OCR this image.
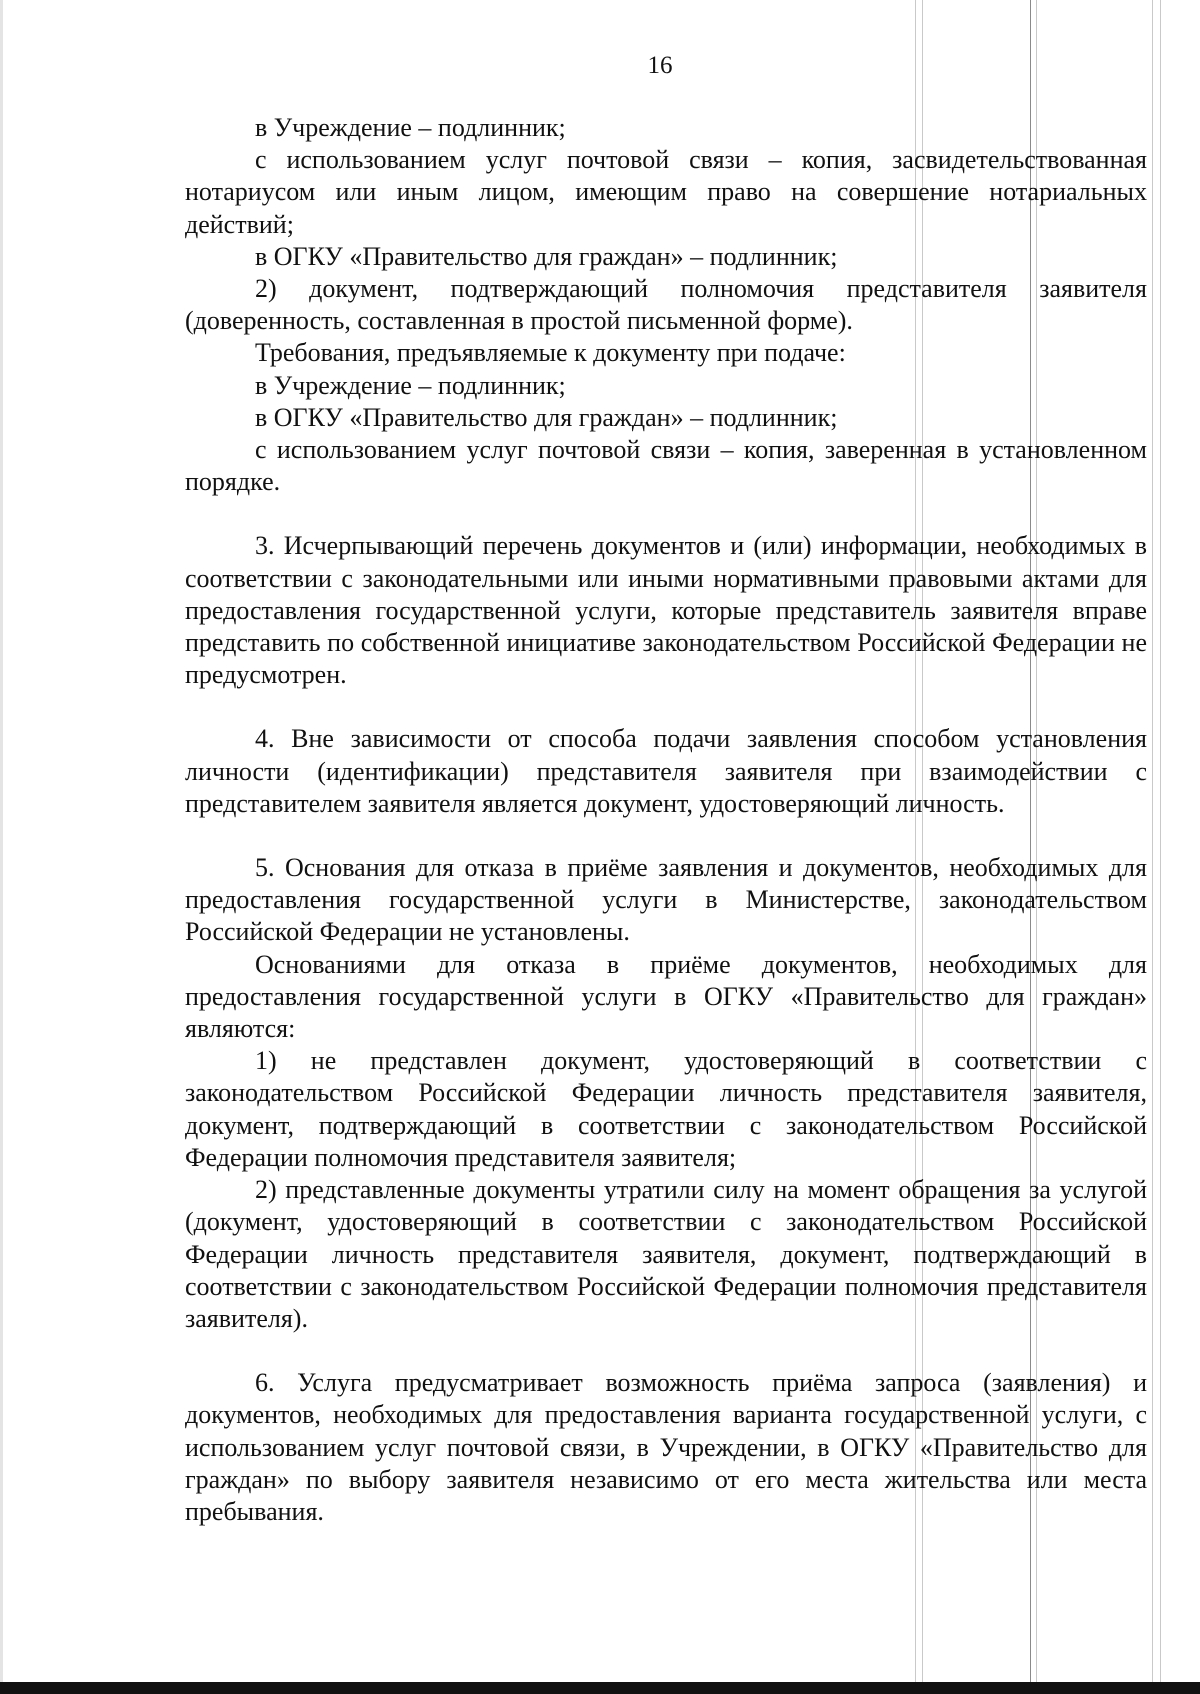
16

в Учреждение – подлинник;

с использованием услуг почтовой связи – копия, засвидетельствованная нотариусом или иным лицом, имеющим право на совершение нотариальных действий;

в ОГКУ «Правительство для граждан» – подлинник;

2) документ, подтверждающий полномочия представителя заявителя (доверенность, составленная в простой письменной форме).

Требования, предъявляемые к документу при подаче:

в Учреждение – подлинник;

в ОГКУ «Правительство для граждан» – подлинник;

с использованием услуг почтовой связи – копия, заверенная в установленном порядке.

3. Исчерпывающий перечень документов и (или) информации, необходимых в соответствии с законодательными или иными нормативными правовыми актами для предоставления государственной услуги, которые представитель заявителя вправе представить по собственной инициативе законодательством Российской Федерации не предусмотрен.

4. Вне зависимости от способа подачи заявления способом установления личности (идентификации) представителя заявителя при взаимодействии с представителем заявителя является документ, удостоверяющий личность.

5. Основания для отказа в приёме заявления и документов, необходимых для предоставления государственной услуги в Министерстве, законодательством Российской Федерации не установлены.

Основаниями для отказа в приёме документов, необходимых для предоставления государственной услуги в ОГКУ «Правительство для граждан» являются:

1) не представлен документ, удостоверяющий в соответствии с законодательством Российской Федерации личность представителя заявителя, документ, подтверждающий в соответствии с законодательством Российской Федерации полномочия представителя заявителя;

2) представленные документы утратили силу на момент обращения за услугой (документ, удостоверяющий в соответствии с законодательством Российской Федерации личность представителя заявителя, документ, подтверждающий в соответствии с законодательством Российской Федерации полномочия представителя заявителя).

6. Услуга предусматривает возможность приёма запроса (заявления) и документов, необходимых для предоставления варианта государственной услуги, с использованием услуг почтовой связи, в Учреждении, в ОГКУ «Правительство для граждан» по выбору заявителя независимо от его места жительства или места пребывания.
